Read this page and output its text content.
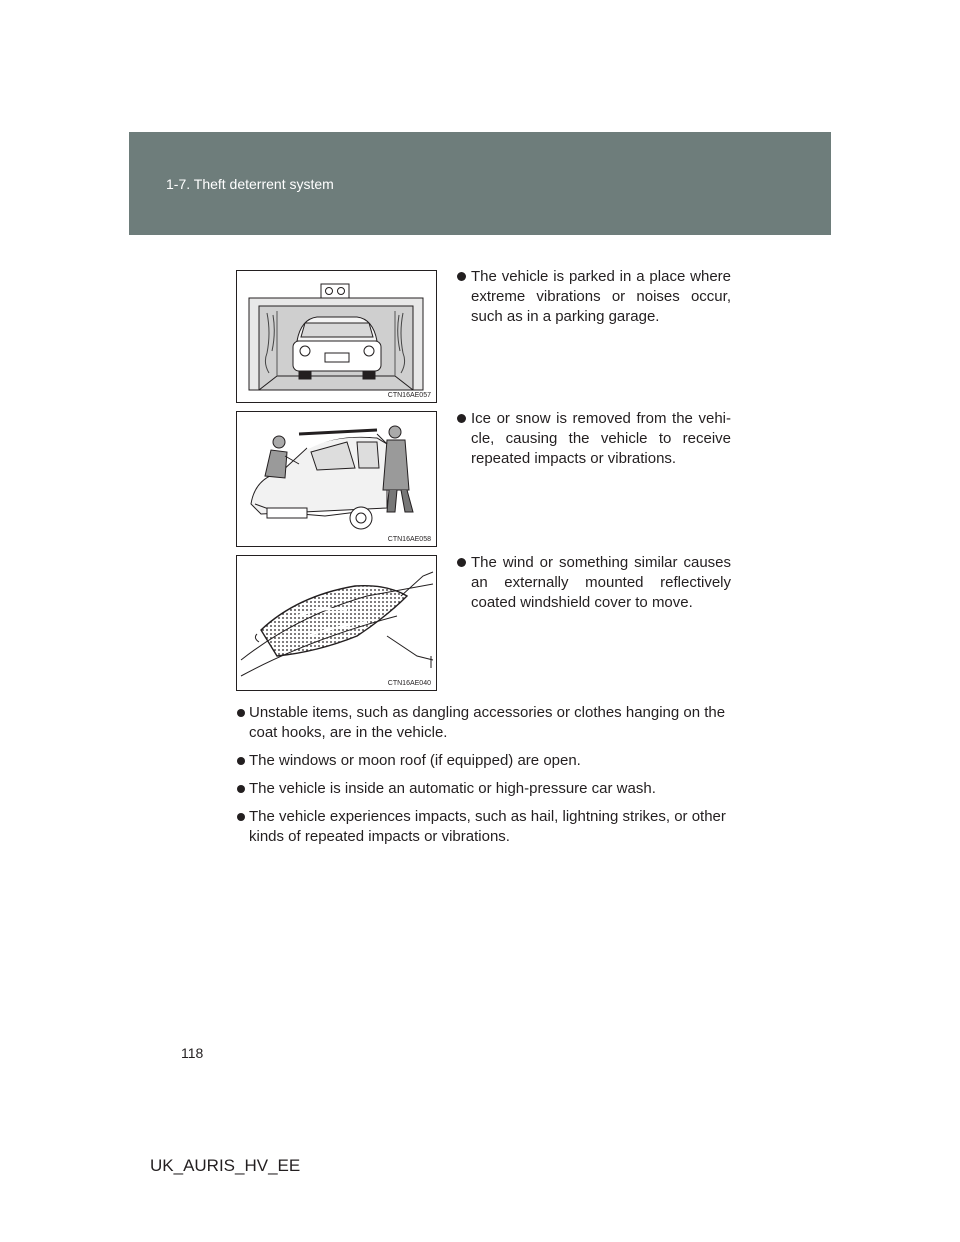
1-7. Theft deterrent system
CTN16AE057
The vehicle is parked in a place where extreme vibrations or noises occur, such as in a parking garage.
CTN16AE058
Ice or snow is removed from the vehi-cle, causing the vehicle to receive repeated impacts or vibrations.
CTN16AE040
The wind or something similar causes an externally mounted reflectively coated windshield cover to move.
Unstable items, such as dangling accessories or clothes hanging on the coat hooks, are in the vehicle.
The windows or moon roof (if equipped) are open.
The vehicle is inside an automatic or high-pressure car wash.
The vehicle experiences impacts, such as hail, lightning strikes, or other kinds of repeated impacts or vibrations.
118
UK_AURIS_HV_EE
